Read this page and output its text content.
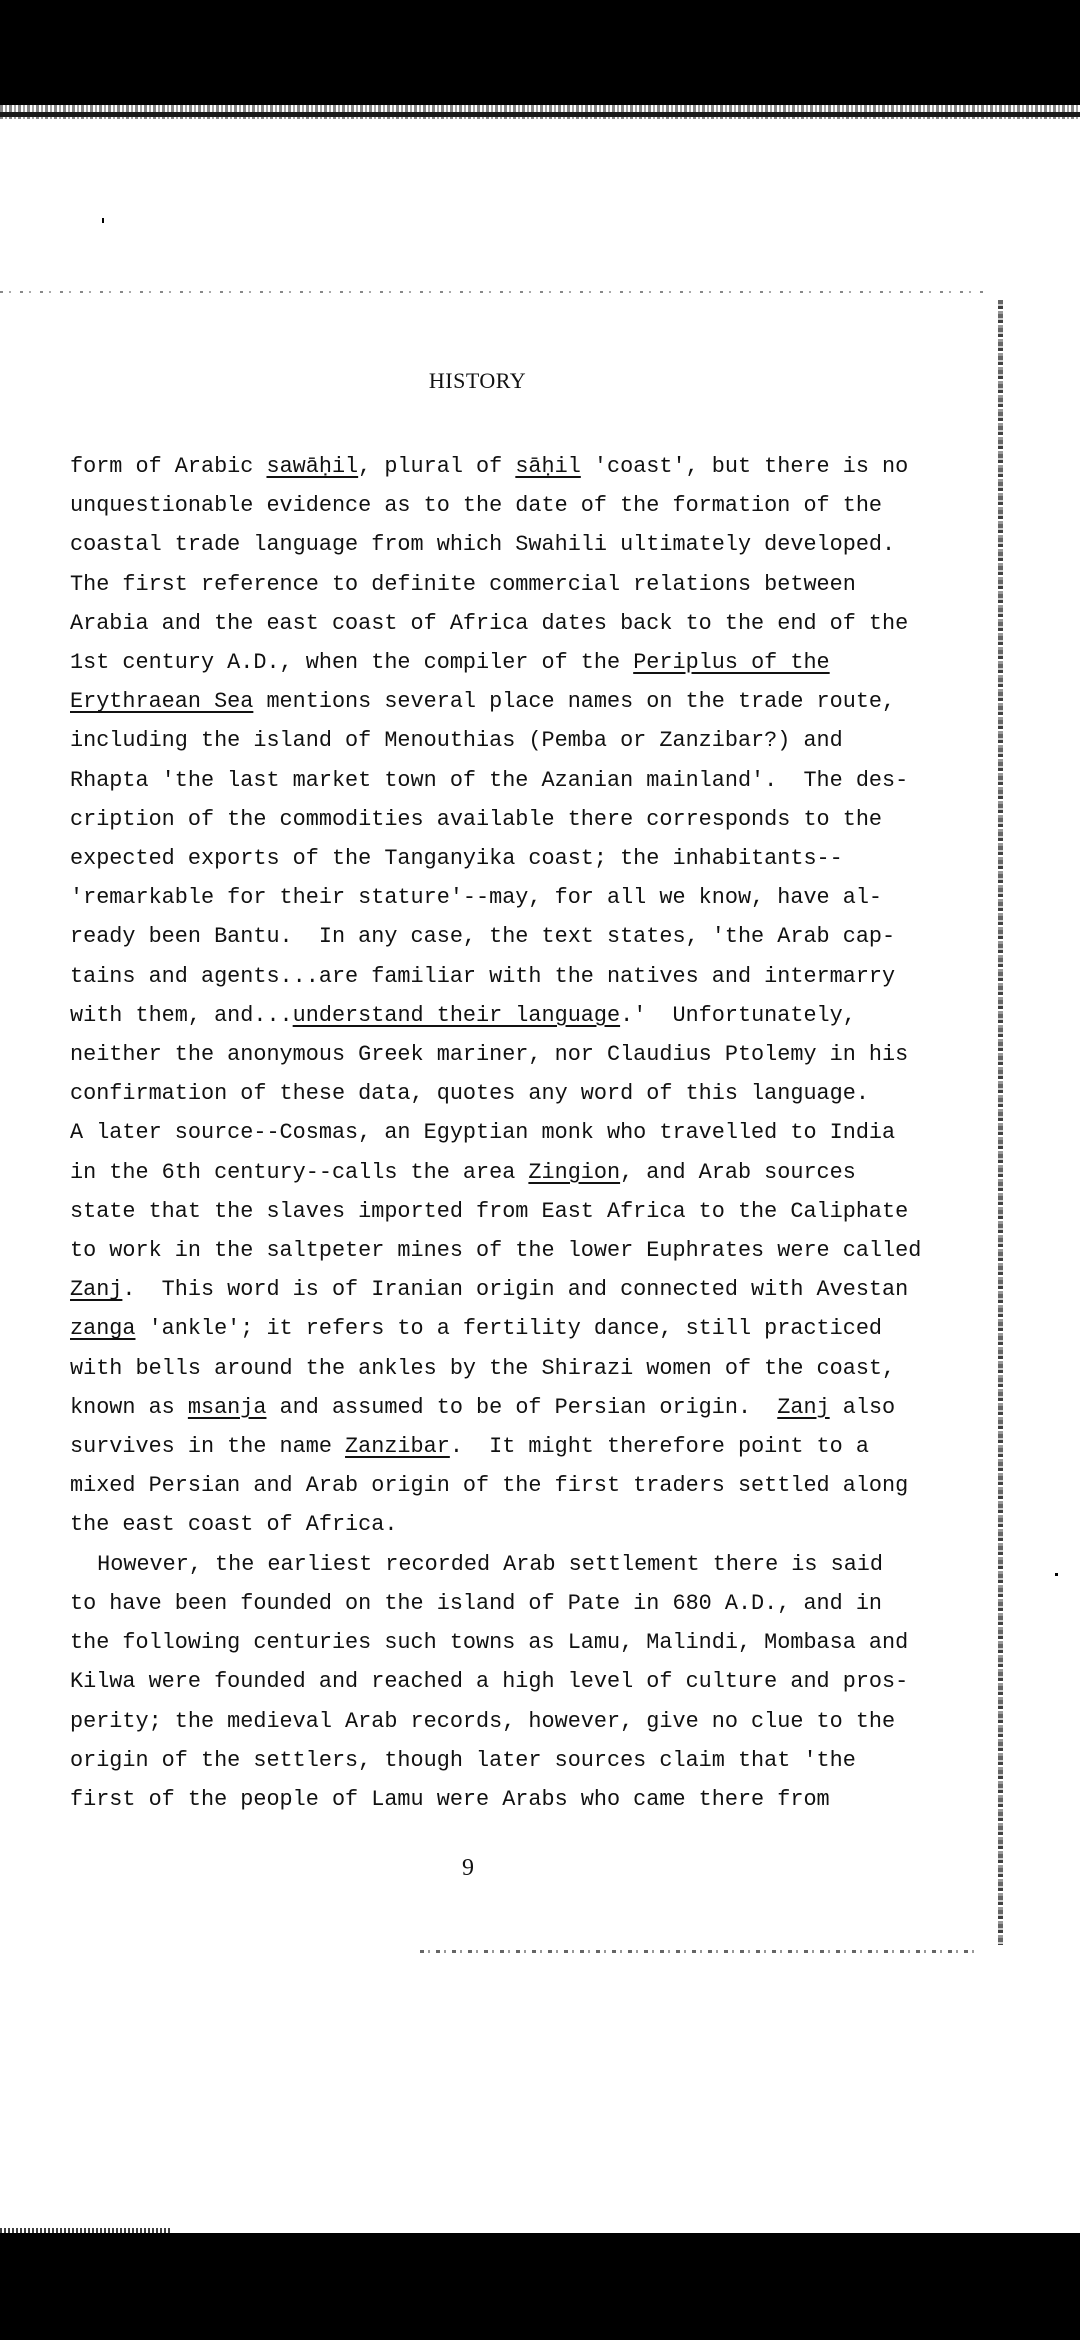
HISTORY
form of Arabic sawāḥil, plural of sāḥil 'coast', but there is no
unquestionable evidence as to the date of the formation of the
coastal trade language from which Swahili ultimately developed.
The first reference to definite commercial relations between
Arabia and the east coast of Africa dates back to the end of the
1st century A.D., when the compiler of the Periplus of the
Erythraean Sea mentions several place names on the trade route,
including the island of Menouthias (Pemba or Zanzibar?) and
Rhapta 'the last market town of the Azanian mainland'.  The des-
cription of the commodities available there corresponds to the
expected exports of the Tanganyika coast; the inhabitants--
'remarkable for their stature'--may, for all we know, have al-
ready been Bantu.  In any case, the text states, 'the Arab cap-
tains and agents...are familiar with the natives and intermarry
with them, and...understand their language.'  Unfortunately,
neither the anonymous Greek mariner, nor Claudius Ptolemy in his
confirmation of these data, quotes any word of this language.
A later source--Cosmas, an Egyptian monk who travelled to India
in the 6th century--calls the area Zingion, and Arab sources
state that the slaves imported from East Africa to the Caliphate
to work in the saltpeter mines of the lower Euphrates were called
Zanj.  This word is of Iranian origin and connected with Avestan
zanga 'ankle'; it refers to a fertility dance, still practiced
with bells around the ankles by the Shirazi women of the coast,
known as msanja and assumed to be of Persian origin.  Zanj also
survives in the name Zanzibar.  It might therefore point to a
mixed Persian and Arab origin of the first traders settled along
the east coast of Africa.
However, the earliest recorded Arab settlement there is said
to have been founded on the island of Pate in 680 A.D., and in
the following centuries such towns as Lamu, Malindi, Mombasa and
Kilwa were founded and reached a high level of culture and pros-
perity; the medieval Arab records, however, give no clue to the
origin of the settlers, though later sources claim that 'the
first of the people of Lamu were Arabs who came there from
9
